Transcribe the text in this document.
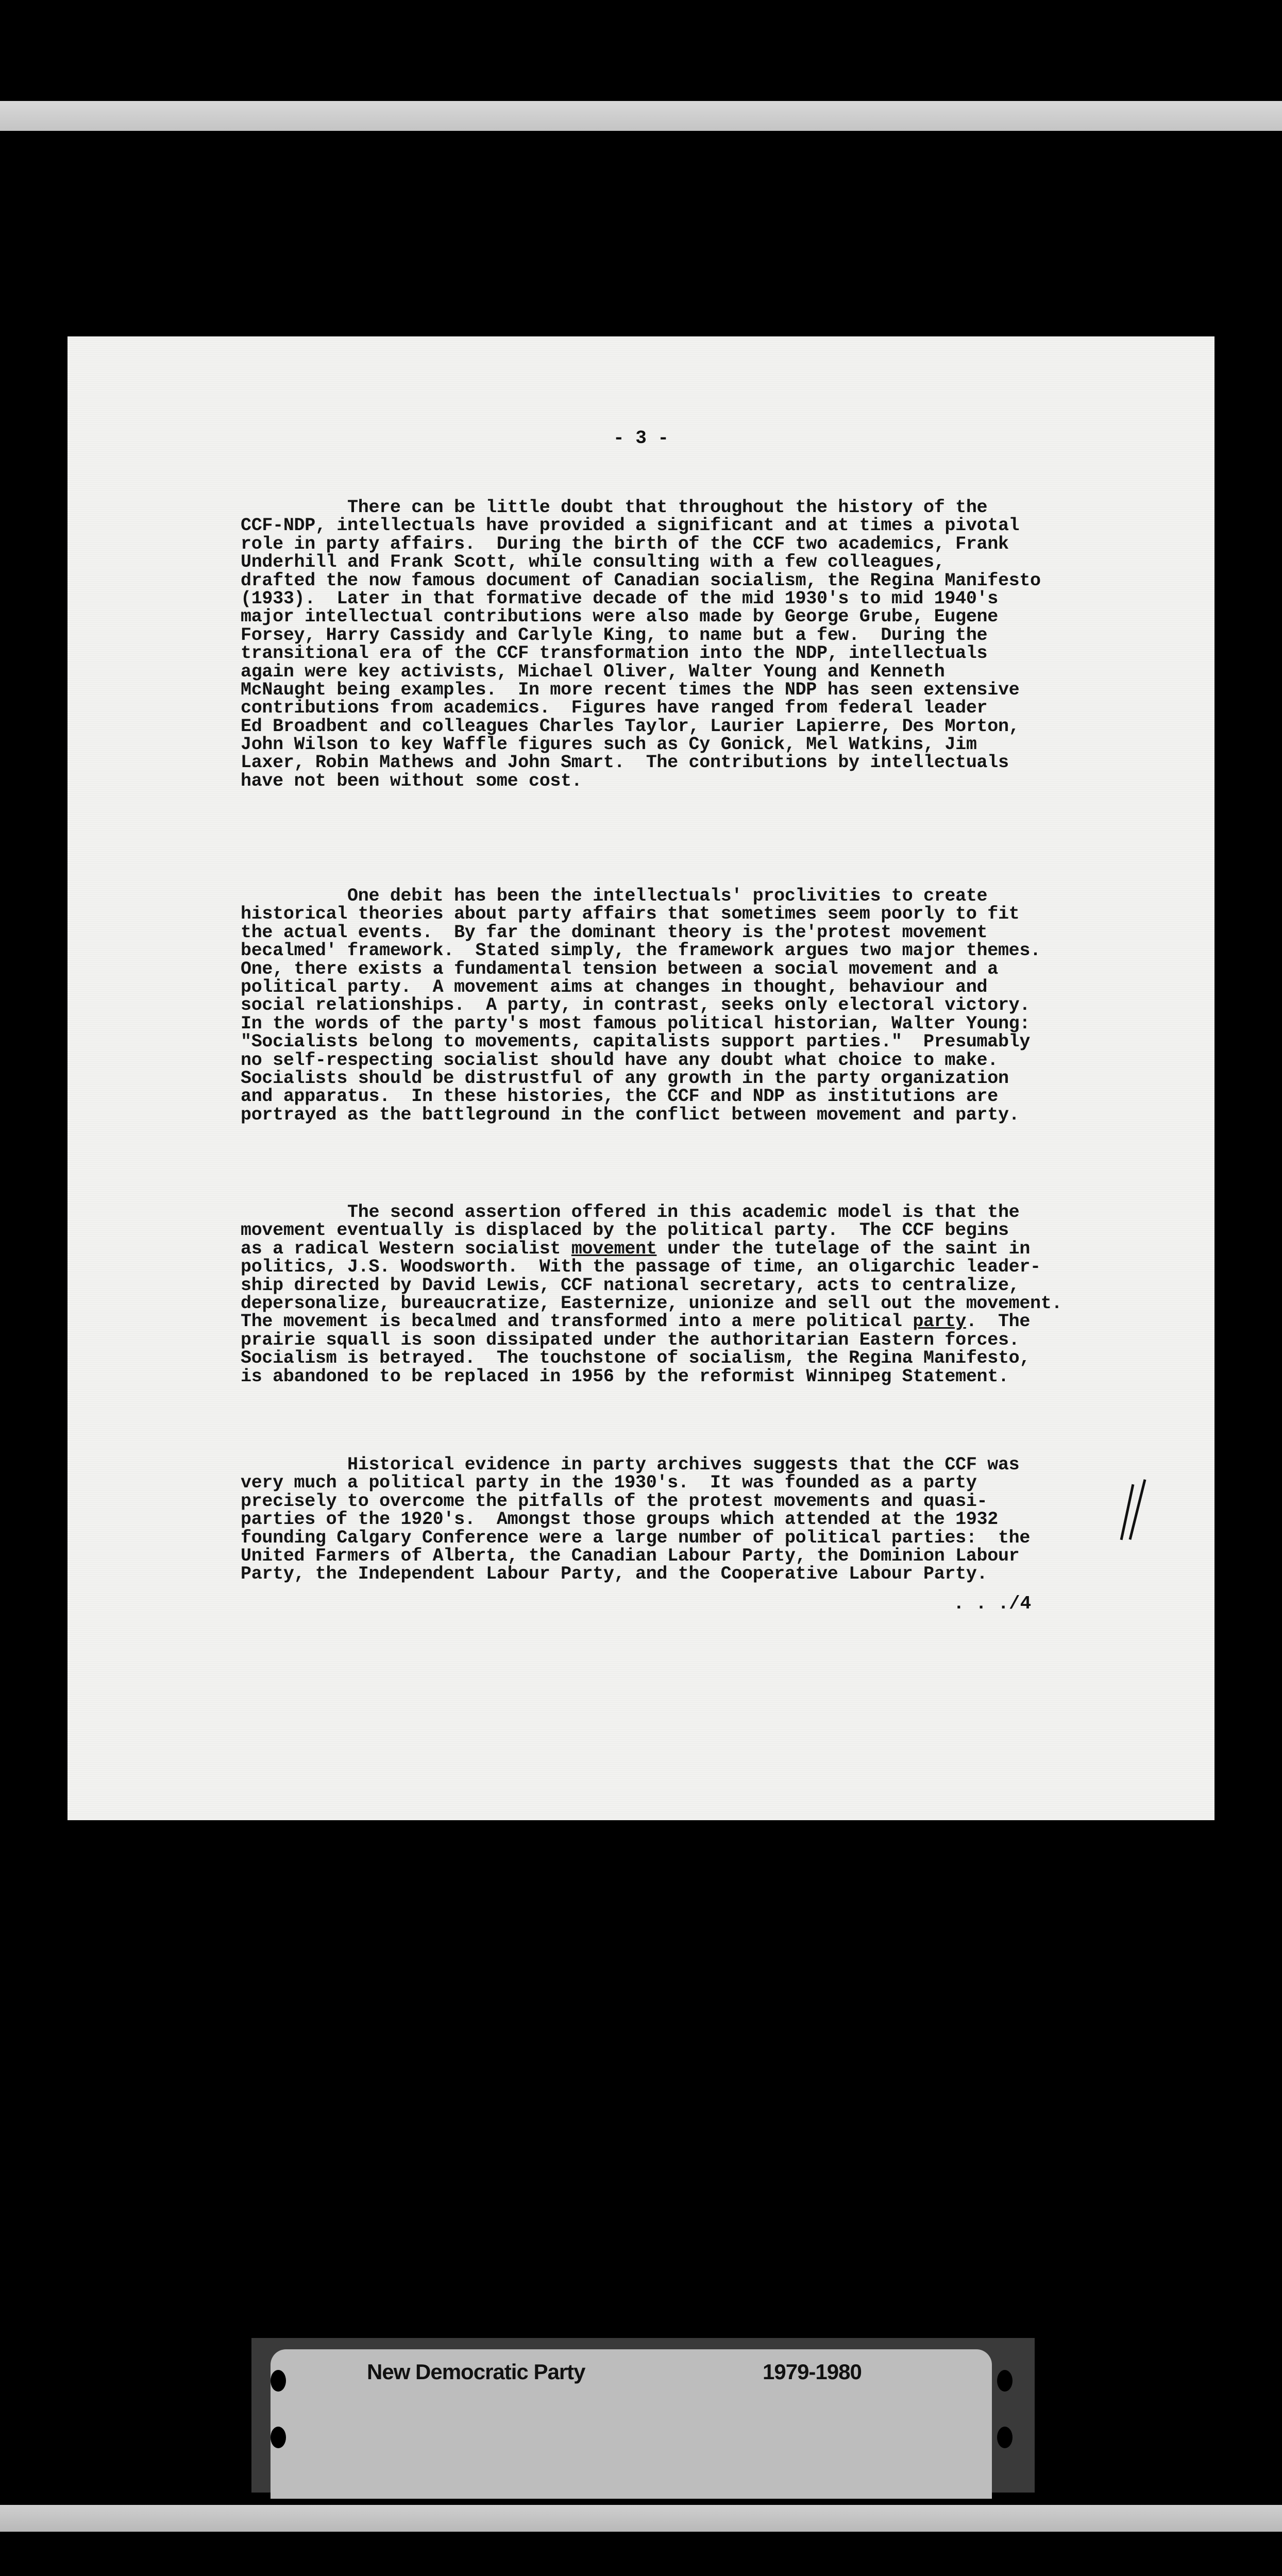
- 3 -
There can be little doubt that throughout the history of the
CCF-NDP, intellectuals have provided a significant and at times a pivotal
role in party affairs.  During the birth of the CCF two academics, Frank
Underhill and Frank Scott, while consulting with a few colleagues,
drafted the now famous document of Canadian socialism, the Regina Manifesto
(1933).  Later in that formative decade of the mid 1930's to mid 1940's
major intellectual contributions were also made by George Grube, Eugene
Forsey, Harry Cassidy and Carlyle King, to name but a few.  During the
transitional era of the CCF transformation into the NDP, intellectuals
again were key activists, Michael Oliver, Walter Young and Kenneth
McNaught being examples.  In more recent times the NDP has seen extensive
contributions from academics.  Figures have ranged from federal leader
Ed Broadbent and colleagues Charles Taylor, Laurier Lapierre, Des Morton,
John Wilson to key Waffle figures such as Cy Gonick, Mel Watkins, Jim
Laxer, Robin Mathews and John Smart.  The contributions by intellectuals
have not been without some cost.
One debit has been the intellectuals' proclivities to create
historical theories about party affairs that sometimes seem poorly to fit
the actual events.  By far the dominant theory is the'protest movement
becalmed' framework.  Stated simply, the framework argues two major themes.
One, there exists a fundamental tension between a social movement and a
political party.  A movement aims at changes in thought, behaviour and
social relationships.  A party, in contrast, seeks only electoral victory.
In the words of the party's most famous political historian, Walter Young:
"Socialists belong to movements, capitalists support parties."  Presumably
no self-respecting socialist should have any doubt what choice to make.
Socialists should be distrustful of any growth in the party organization
and apparatus.  In these histories, the CCF and NDP as institutions are
portrayed as the battleground in the conflict between movement and party.
The second assertion offered in this academic model is that the
movement eventually is displaced by the political party.  The CCF begins
as a radical Western socialist movement under the tutelage of the saint in
politics, J.S. Woodsworth.  With the passage of time, an oligarchic leader-
ship directed by David Lewis, CCF national secretary, acts to centralize,
depersonalize, bureaucratize, Easternize, unionize and sell out the movement.
The movement is becalmed and transformed into a mere political party.  The
prairie squall is soon dissipated under the authoritarian Eastern forces.
Socialism is betrayed.  The touchstone of socialism, the Regina Manifesto,
is abandoned to be replaced in 1956 by the reformist Winnipeg Statement.
Historical evidence in party archives suggests that the CCF was
very much a political party in the 1930's.  It was founded as a party
precisely to overcome the pitfalls of the protest movements and quasi-
parties of the 1920's.  Amongst those groups which attended at the 1932
founding Calgary Conference were a large number of political parties:  the
United Farmers of Alberta, the Canadian Labour Party, the Dominion Labour
Party, the Independent Labour Party, and the Cooperative Labour Party.
. . ./4
New Democratic Party	1979-1980
